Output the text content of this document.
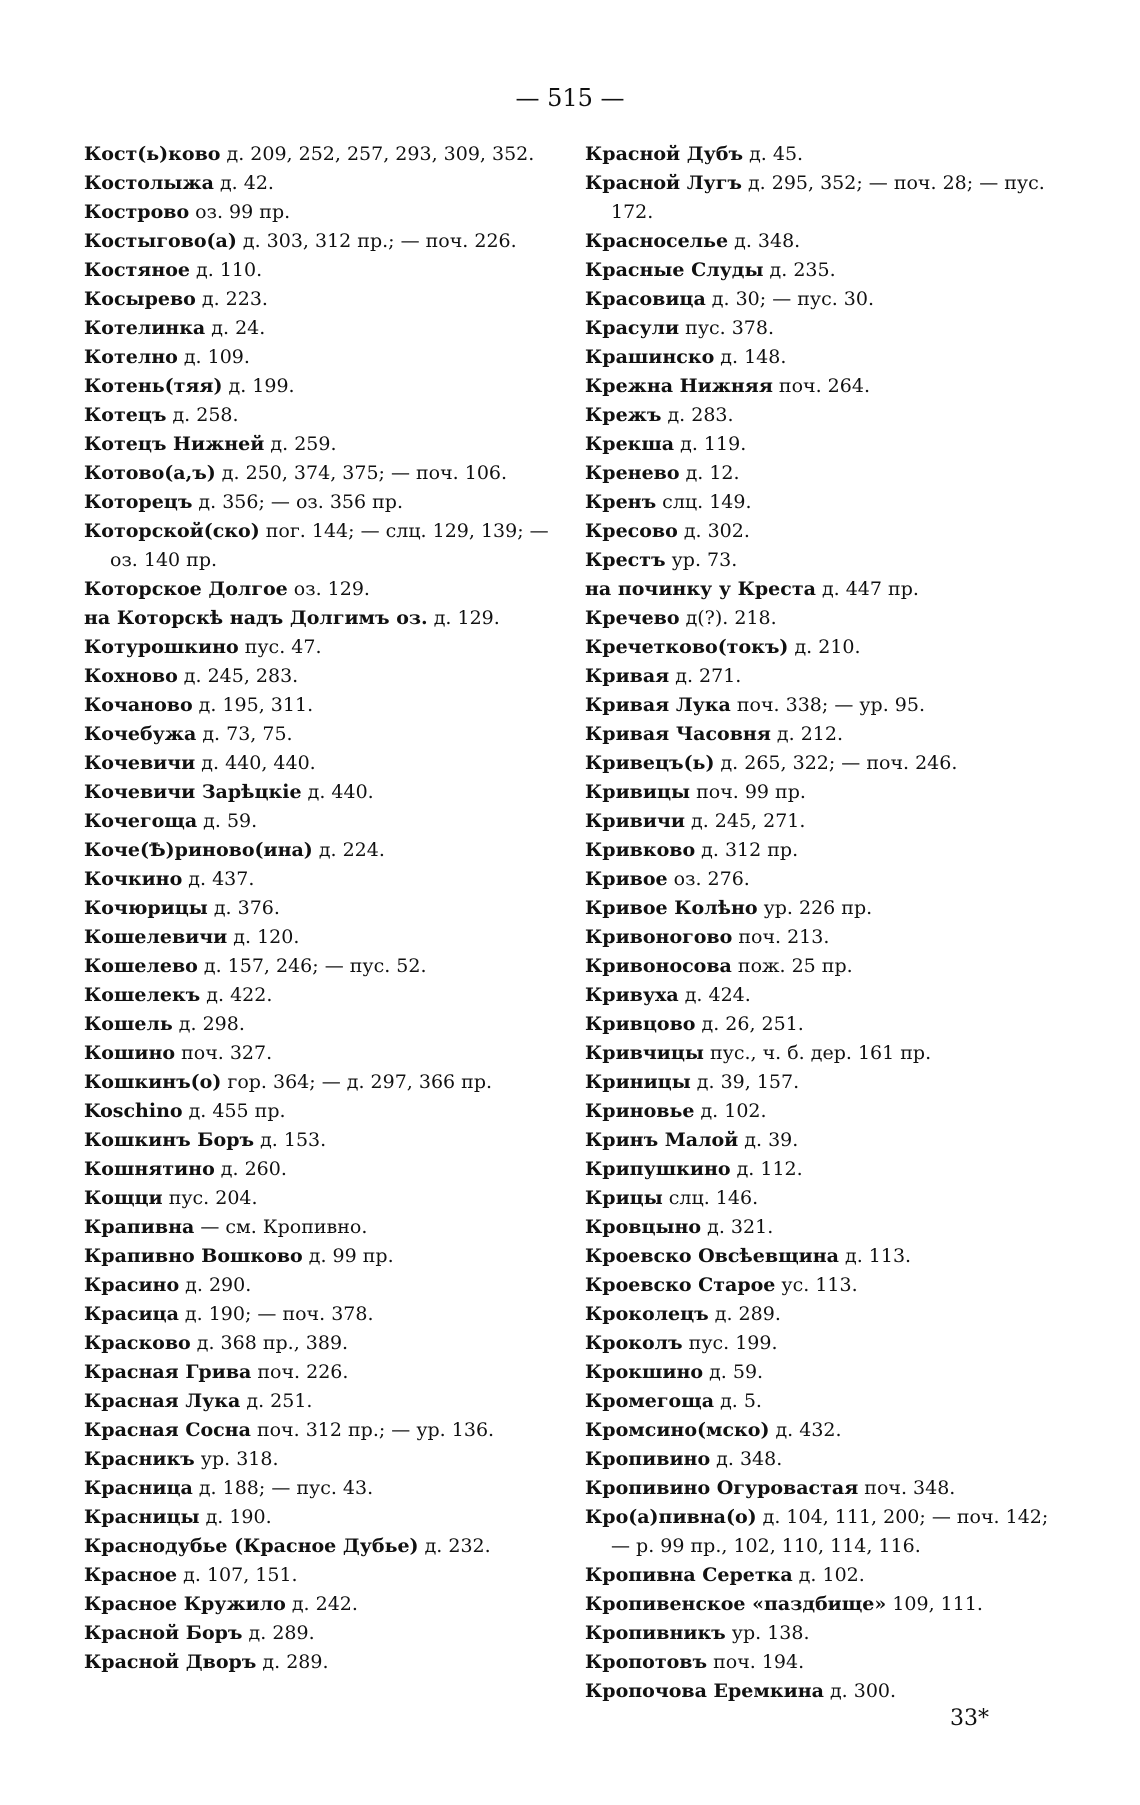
— 515 —
Кост(ь)ково д. 209, 252, 257, 293, 309, 352.
Костолыжа д. 42.
Кострово оз. 99 пр.
Костыгово(а) д. 303, 312 пр.; — поч. 226.
Костяное д. 110.
Косырево д. 223.
Котелинка д. 24.
Котелно д. 109.
Котень(тяя) д. 199.
Котецъ д. 258.
Котецъ Нижней д. 259.
Котово(а,ъ) д. 250, 374, 375; — поч. 106.
Которецъ д. 356; — оз. 356 пр.
Которской(ско) пог. 144; — слц. 129, 139; — оз. 140 пр.
Которское Долгое оз. 129.
на Которскѣ надъ Долгимъ оз. д. 129.
Котурошкино пус. 47.
Кохново д. 245, 283.
Кочаново д. 195, 311.
Кочебужа д. 73, 75.
Кочевичи д. 440, 440.
Кочевичи Зарѣцкіе д. 440.
Кочегоща д. 59.
Коче(Ѣ)риново(ина) д. 224.
Кочкино д. 437.
Кочюрицы д. 376.
Кошелевичи д. 120.
Кошелево д. 157, 246; — пус. 52.
Кошелекъ д. 422.
Кошель д. 298.
Кошино поч. 327.
Кошкинъ(о) гор. 364; — д. 297, 366 пр.
Koschino д. 455 пр.
Кошкинъ Боръ д. 153.
Кошнятино д. 260.
Кощци пус. 204.
Крапивна — см. Кропивно.
Крапивно Вошково д. 99 пр.
Красино д. 290.
Красица д. 190; — поч. 378.
Красково д. 368 пр., 389.
Красная Грива поч. 226.
Красная Лука д. 251.
Красная Сосна поч. 312 пр.; — ур. 136.
Красникъ ур. 318.
Красница д. 188; — пус. 43.
Красницы д. 190.
Краснодубье (Красное Дубье) д. 232.
Красное д. 107, 151.
Красное Кружило д. 242.
Красной Боръ д. 289.
Красной Дворъ д. 289.
Красной Дубъ д. 45.
Красной Лугъ д. 295, 352; — поч. 28; — пус. 172.
Красноселье д. 348.
Красные Слуды д. 235.
Красовица д. 30; — пус. 30.
Красули пус. 378.
Крашинско д. 148.
Крежна Нижняя поч. 264.
Крежъ д. 283.
Крекша д. 119.
Кренево д. 12.
Кренъ слц. 149.
Кресово д. 302.
Крестъ ур. 73.
на починку у Креста д. 447 пр.
Кречево д(?). 218.
Кречетково(токъ) д. 210.
Кривая д. 271.
Кривая Лука поч. 338; — ур. 95.
Кривая Часовня д. 212.
Кривецъ(ь) д. 265, 322; — поч. 246.
Кривицы поч. 99 пр.
Кривичи д. 245, 271.
Кривково д. 312 пр.
Кривое оз. 276.
Кривое Колѣно ур. 226 пр.
Кривоногово поч. 213.
Кривоносова пож. 25 пр.
Кривуха д. 424.
Кривцово д. 26, 251.
Кривчицы пус., ч. б. дер. 161 пр.
Криницы д. 39, 157.
Криновье д. 102.
Кринъ Малой д. 39.
Крипушкино д. 112.
Крицы слц. 146.
Кровцыно д. 321.
Кроевско Овсѣевщина д. 113.
Кроевско Старое ус. 113.
Кроколецъ д. 289.
Кроколъ пус. 199.
Крокшино д. 59.
Кромегоща д. 5.
Кромсино(мско) д. 432.
Кропивино д. 348.
Кропивино Огуровастая поч. 348.
Кро(а)пивна(о) д. 104, 111, 200; — поч. 142; — р. 99 пр., 102, 110, 114, 116.
Кропивна Серетка д. 102.
Кропивенское «паздбище» 109, 111.
Кропивникъ ур. 138.
Кропотовъ поч. 194.
Кропочова Еремкина д. 300.
33*
